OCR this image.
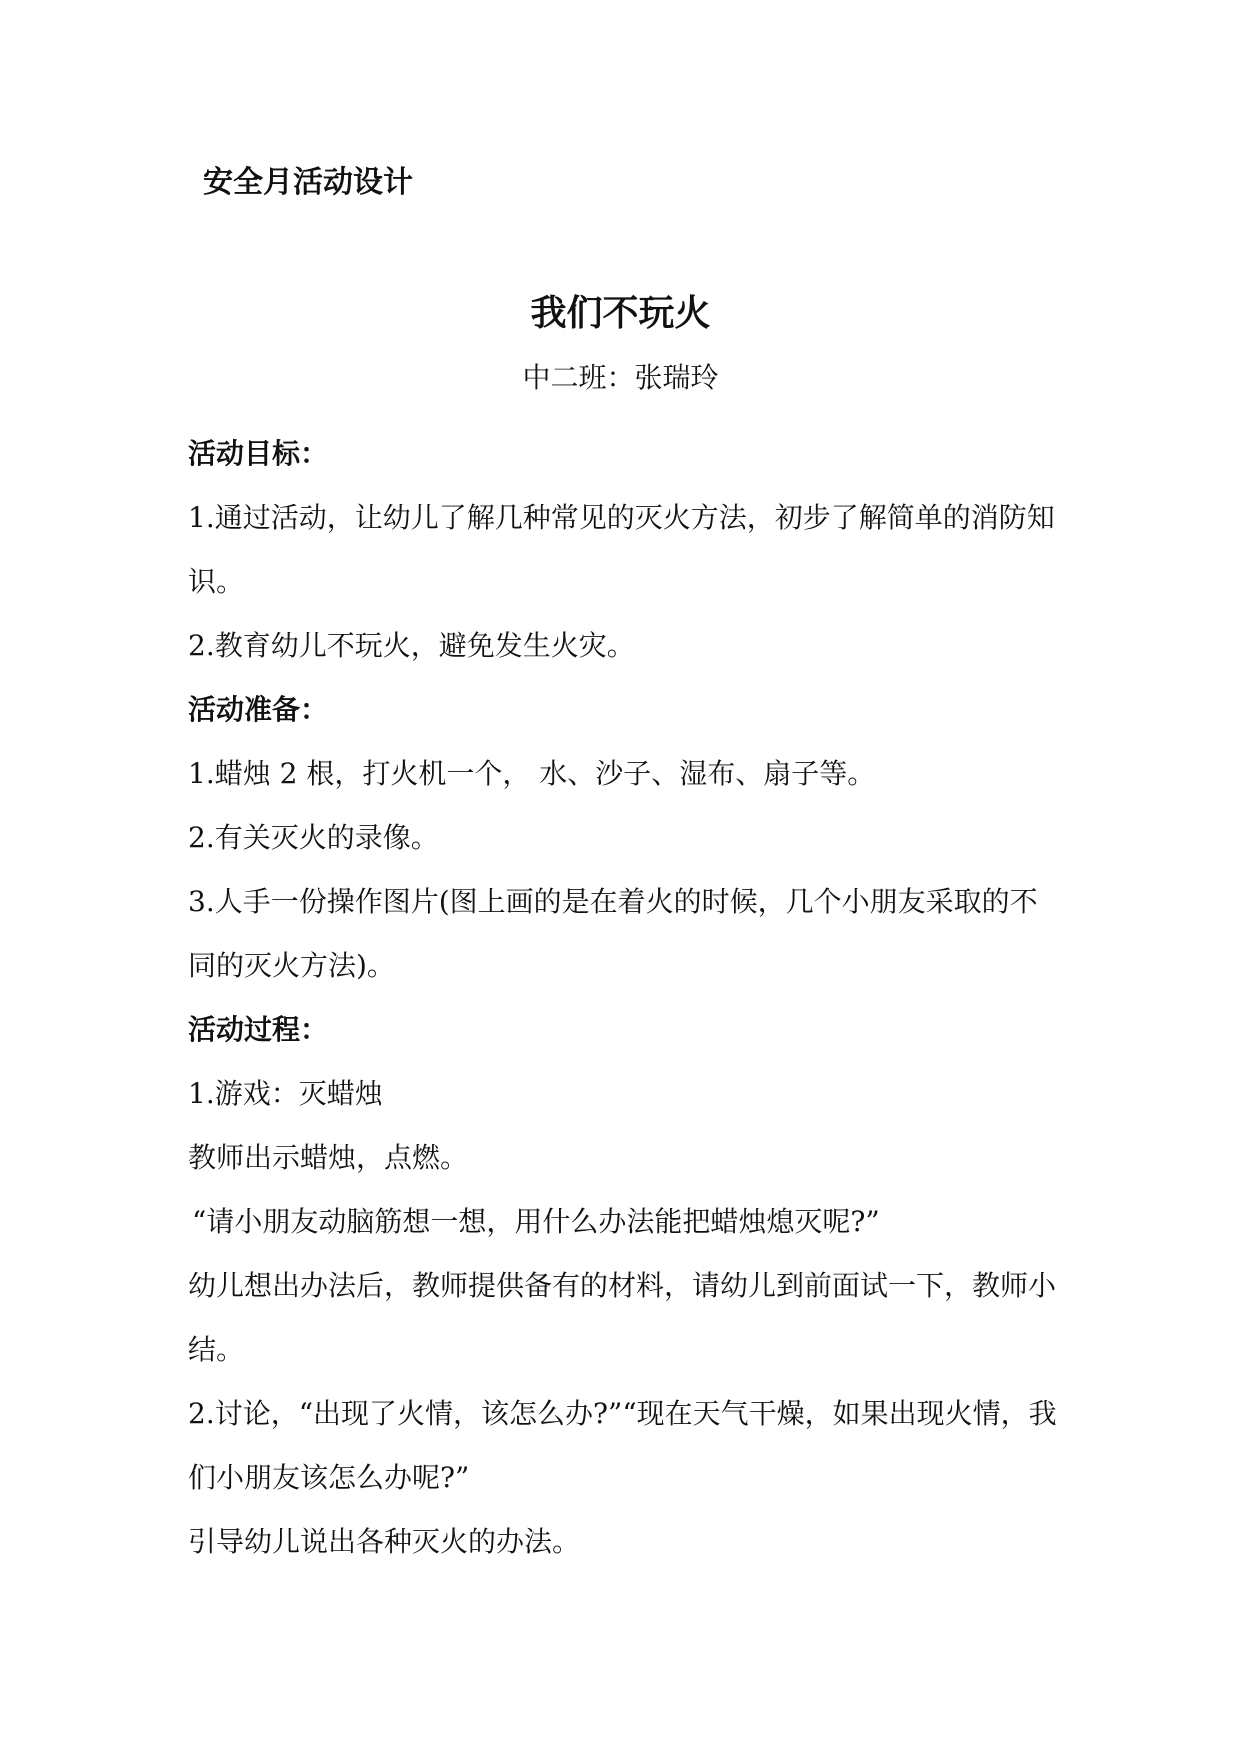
安全月活动设计
我们不玩火

中二班：张瑞玲

活动目标：

1.通过活动，让幼儿了解几种常见的灭火方法，初步了解简单的消防知识。

2.教育幼儿不玩火，避免发生火灾。

活动准备：

1.蜡烛 2 根，打火机一个， 水、沙子、湿布、扇子等。

2.有关灭火的录像。

3.人手一份操作图片(图上画的是在着火的时候，几个小朋友采取的不同的灭火方法)。

活动过程：

1.游戏：灭蜡烛

教师出示蜡烛，点燃。

“请小朋友动脑筋想一想，用什么办法能把蜡烛熄灭呢?”

幼儿想出办法后，教师提供备有的材料，请幼儿到前面试一下，教师小结。

2.讨论，“出现了火情，该怎么办?”“现在天气干燥，如果出现火情，我们小朋友该怎么办呢?”

引导幼儿说出各种灭火的办法。
